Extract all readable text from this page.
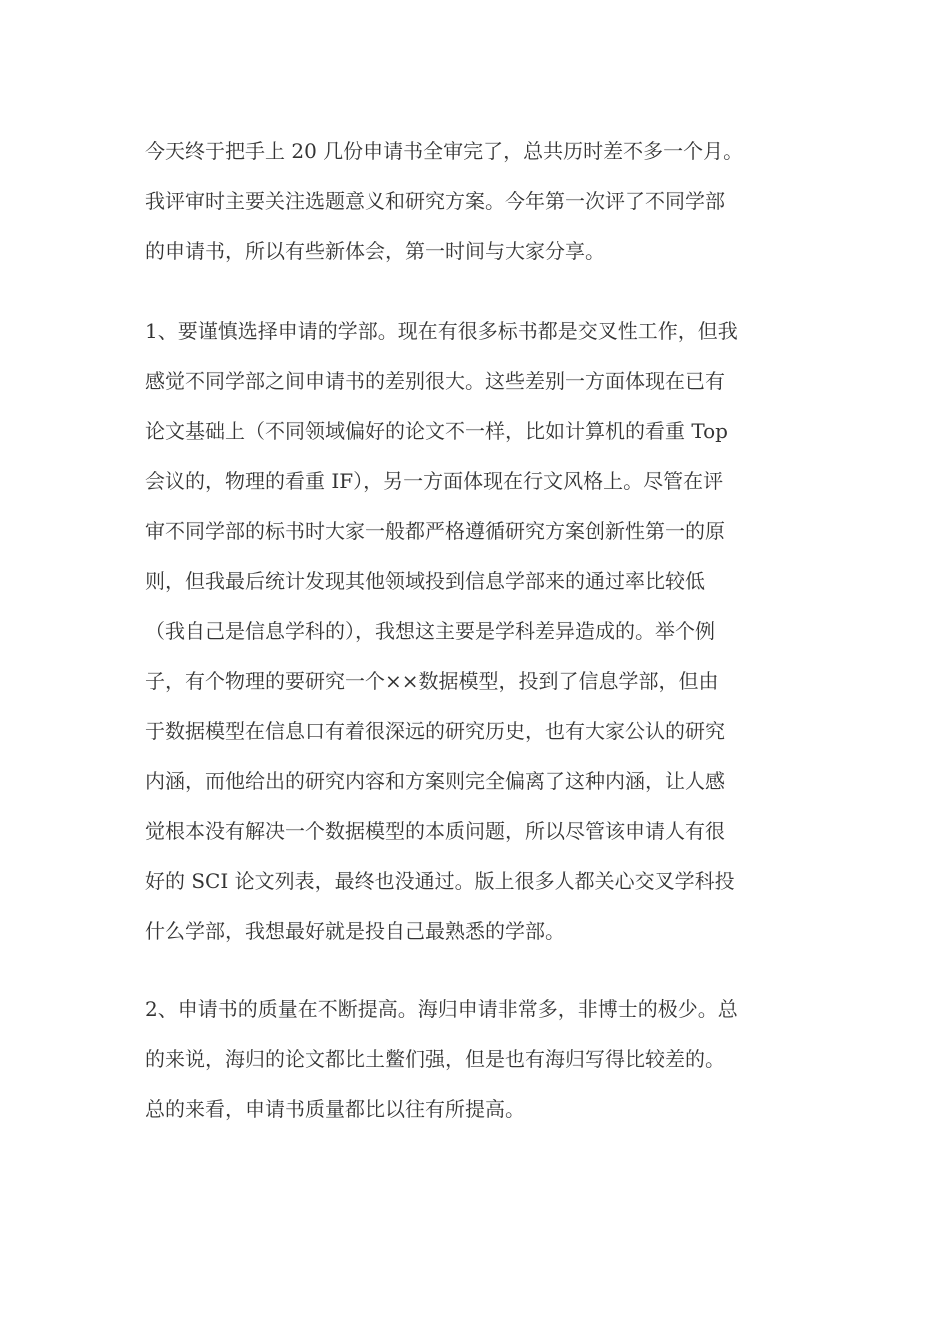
今天终于把手上 20 几份申请书全审完了，总共历时差不多一个月。
我评审时主要关注选题意义和研究方案。今年第一次评了不同学部
的申请书，所以有些新体会，第一时间与大家分享。
1、要谨慎选择申请的学部。现在有很多标书都是交叉性工作，但我
感觉不同学部之间申请书的差别很大。这些差别一方面体现在已有
论文基础上（不同领域偏好的论文不一样，比如计算机的看重 Top
会议的，物理的看重 IF），另一方面体现在行文风格上。尽管在评
审不同学部的标书时大家一般都严格遵循研究方案创新性第一的原
则，但我最后统计发现其他领域投到信息学部来的通过率比较低
（我自己是信息学科的），我想这主要是学科差异造成的。举个例
子，有个物理的要研究一个××数据模型，投到了信息学部，但由
于数据模型在信息口有着很深远的研究历史，也有大家公认的研究
内涵，而他给出的研究内容和方案则完全偏离了这种内涵，让人感
觉根本没有解决一个数据模型的本质问题，所以尽管该申请人有很
好的 SCI 论文列表，最终也没通过。版上很多人都关心交叉学科投
什么学部，我想最好就是投自己最熟悉的学部。
2、申请书的质量在不断提高。海归申请非常多，非博士的极少。总
的来说，海归的论文都比土鳖们强，但是也有海归写得比较差的。
总的来看，申请书质量都比以往有所提高。
